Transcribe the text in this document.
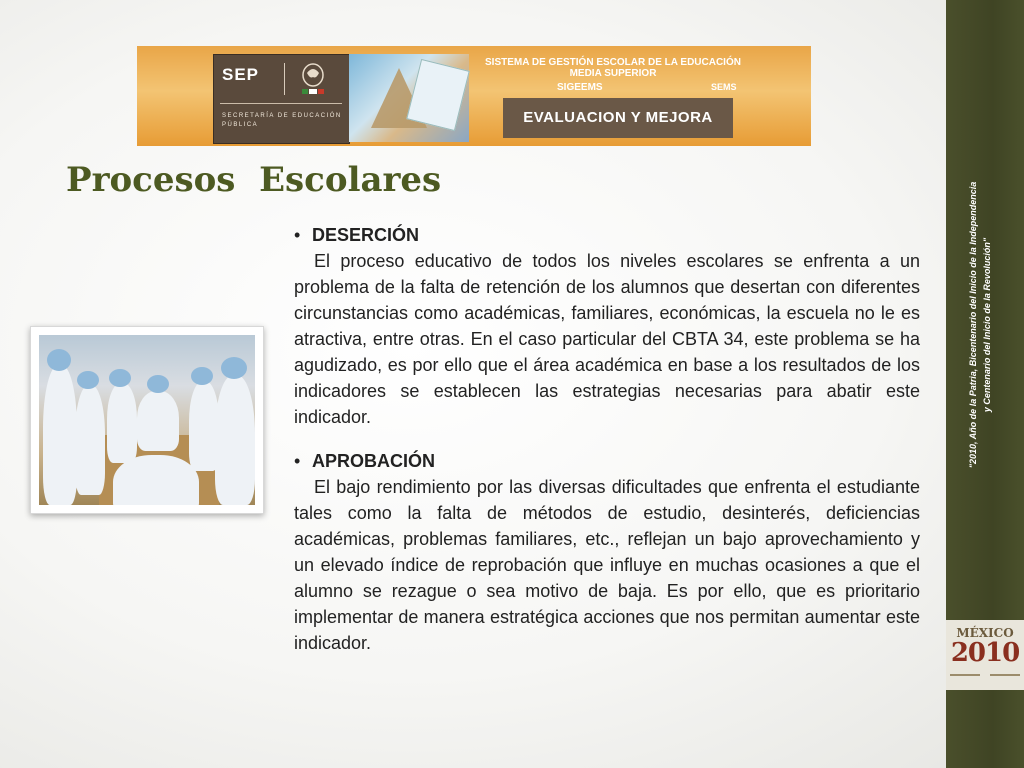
SEP
SECRETARÍA DE EDUCACIÓN PÚBLICA
SISTEMA DE GESTIÓN ESCOLAR DE LA EDUCACIÓN MEDIA SUPERIOR
SIGEEMS	SEMS
EVALUACION Y MEJORA
Procesos  Escolares

• DESERCIÓN

El proceso educativo de todos los niveles escolares se enfrenta a un problema de la falta de retención de los alumnos que desertan con diferentes circunstancias como académicas, familiares, económicas, la escuela no le es atractiva, entre otras. En el caso particular del CBTA 34, este problema se ha agudizado, es por ello que el área académica en base a los resultados de los indicadores se establecen las estrategias necesarias para abatir este indicador.

• APROBACIÓN

El bajo rendimiento por las diversas dificultades que enfrenta el estudiante tales como la falta de métodos de estudio, desinterés, deficiencias académicas, problemas familiares, etc., reflejan un bajo aprovechamiento y un elevado índice de reprobación que influye en muchas ocasiones a que el alumno se rezague o sea motivo de baja. Es por ello, que es prioritario implementar de manera estratégica acciones que nos permitan aumentar este indicador.

"2010, Año de la Patria, Bicentenario del Inicio de la Independencia y Centenario del Inicio de la Revolución"
MÉXICO
2010
